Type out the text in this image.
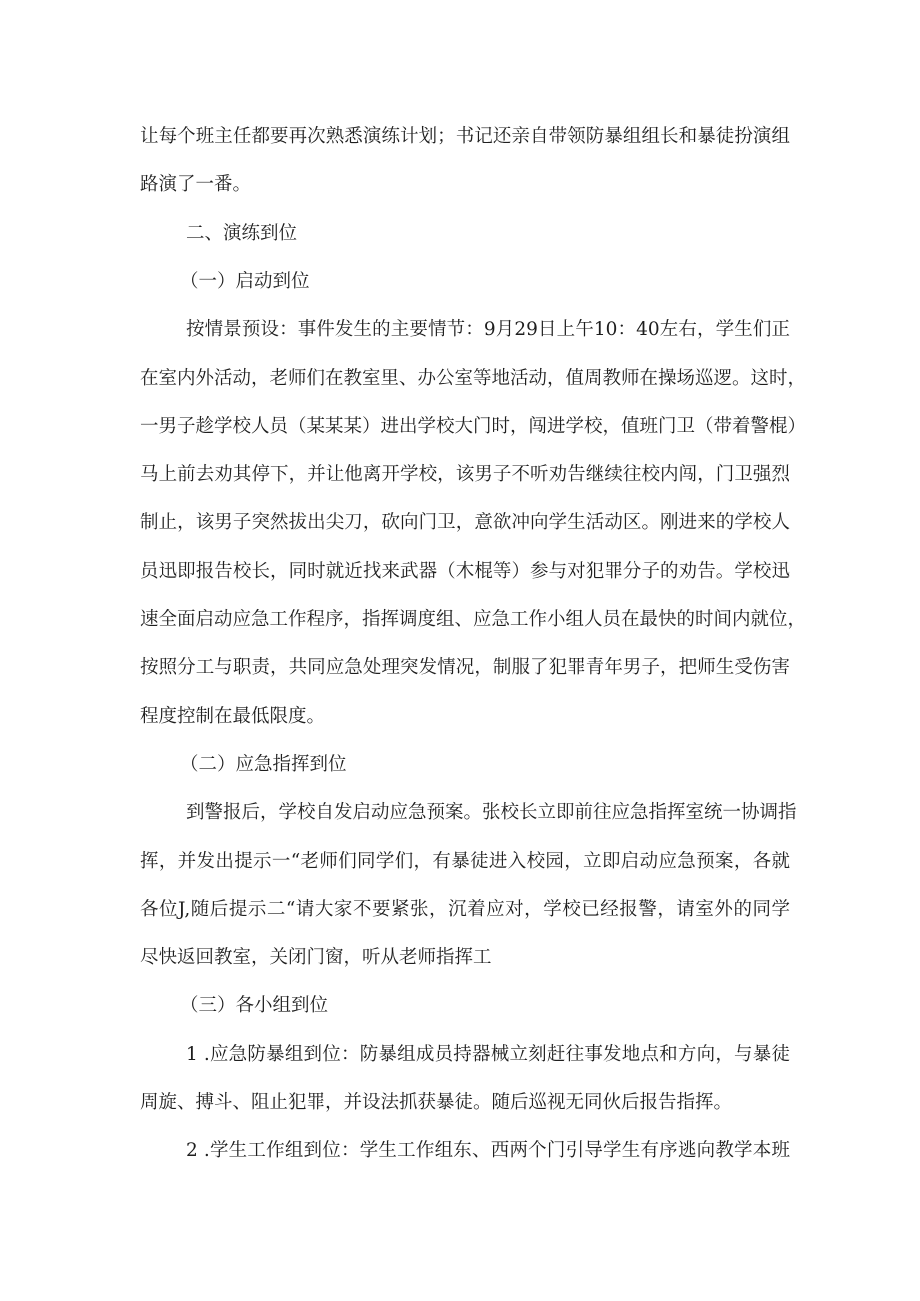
让每个班主任都要再次熟悉演练计划；书记还亲自带领防暴组组长和暴徒扮演组
路演了一番。
二、演练到位
（一）启动到位
按情景预设：事件发生的主要情节：9月29日上午10：40左右，学生们正
在室内外活动，老师们在教室里、办公室等地活动，值周教师在操场巡逻。这时，
一男子趁学校人员（某某某）进出学校大门时，闯进学校，值班门卫（带着警棍）
马上前去劝其停下，并让他离开学校，该男子不听劝告继续往校内闯，门卫强烈
制止，该男子突然拔出尖刀，砍向门卫，意欲冲向学生活动区。刚进来的学校人
员迅即报告校长，同时就近找来武器（木棍等）参与对犯罪分子的劝告。学校迅
速全面启动应急工作程序，指挥调度组、应急工作小组人员在最快的时间内就位，
按照分工与职责，共同应急处理突发情况，制服了犯罪青年男子，把师生受伤害
程度控制在最低限度。
（二）应急指挥到位
到警报后，学校自发启动应急预案。张校长立即前往应急指挥室统一协调指
挥，并发出提示一“老师们同学们，有暴徒进入校园，立即启动应急预案，各就
各位J,随后提示二“请大家不要紧张，沉着应对，学校已经报警，请室外的同学
尽快返回教室，关闭门窗，听从老师指挥工
（三）各小组到位
1 .应急防暴组到位：防暴组成员持器械立刻赶往事发地点和方向，与暴徒
周旋、搏斗、阻止犯罪，并设法抓获暴徒。随后巡视无同伙后报告指挥。
2 .学生工作组到位：学生工作组东、西两个门引导学生有序逃向教学本班
